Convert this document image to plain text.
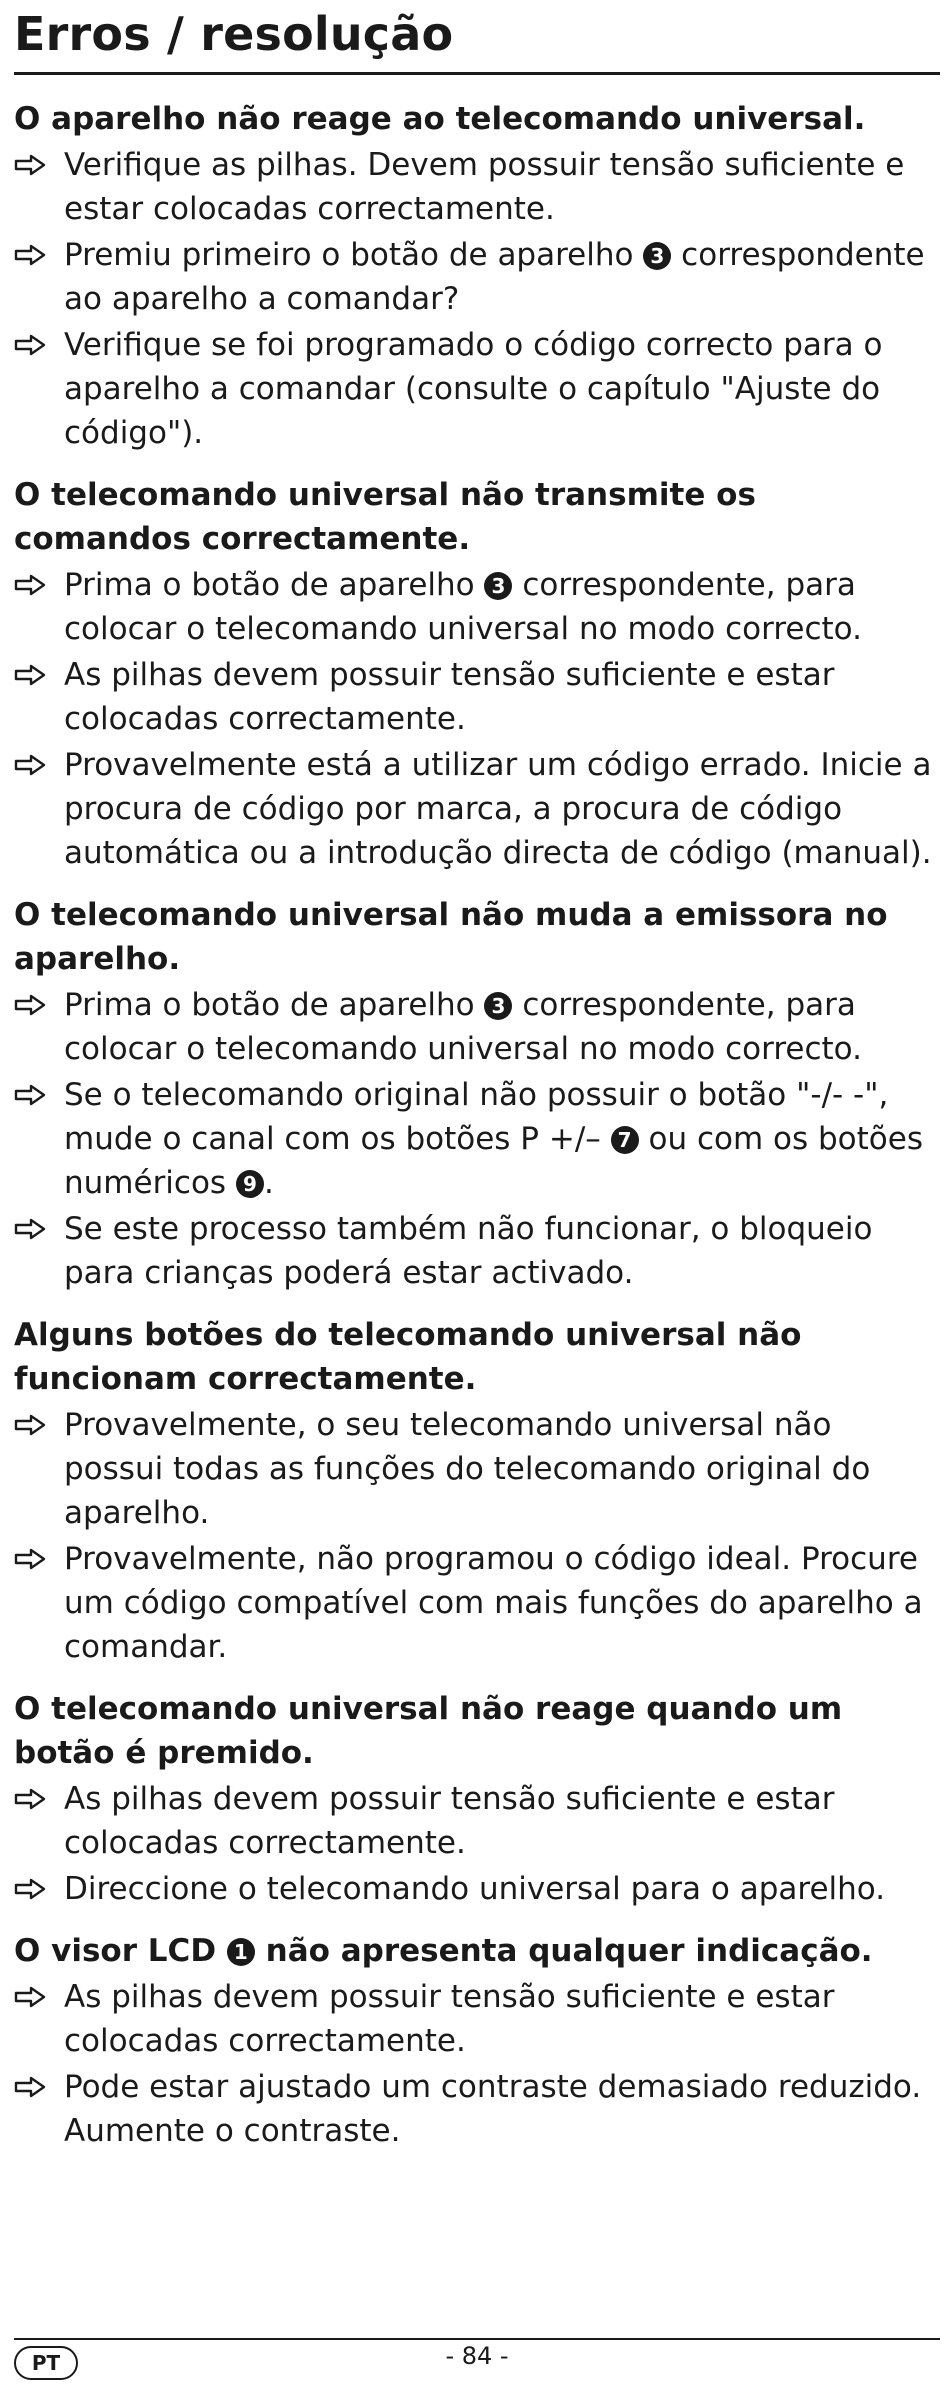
Erros / resolução
O aparelho não reage ao telecomando universal.
Verifique as pilhas. Devem possuir tensão suficiente e estar colocadas correctamente.
Premiu primeiro o botão de aparelho 3 correspondente ao aparelho a comandar?
Verifique se foi programado o código correcto para o aparelho a comandar (consulte o capítulo "Ajuste do código").
O telecomando universal não transmite os comandos correctamente.
Prima o botão de aparelho 3 correspondente, para colocar o telecomando universal no modo correcto.
As pilhas devem possuir tensão suficiente e estar colocadas correctamente.
Provavelmente está a utilizar um código errado. Inicie a procura de código por marca, a procura de código automática ou a introdução directa de código (manual).
O telecomando universal não muda a emissora no aparelho.
Prima o botão de aparelho 3 correspondente, para colocar o telecomando universal no modo correcto.
Se o telecomando original não possuir o botão "-/- -", mude o canal com os botões P +/– 7 ou com os botões numéricos 9 .
Se este processo também não funcionar, o bloqueio para crianças poderá estar activado.
Alguns botões do telecomando universal não funcionam correctamente.
Provavelmente, o seu telecomando universal não possui todas as funções do telecomando original do aparelho.
Provavelmente, não programou o código ideal. Procure um código compatível com mais funções do aparelho a comandar.
O telecomando universal não reage quando um botão é premido.
As pilhas devem possuir tensão suficiente e estar colocadas correctamente.
Direccione o telecomando universal para o aparelho.
O visor LCD 1 não apresenta qualquer indicação.
As pilhas devem possuir tensão suficiente e estar colocadas correctamente.
Pode estar ajustado um contraste demasiado reduzido. Aumente o contraste.
PT	- 84 -
